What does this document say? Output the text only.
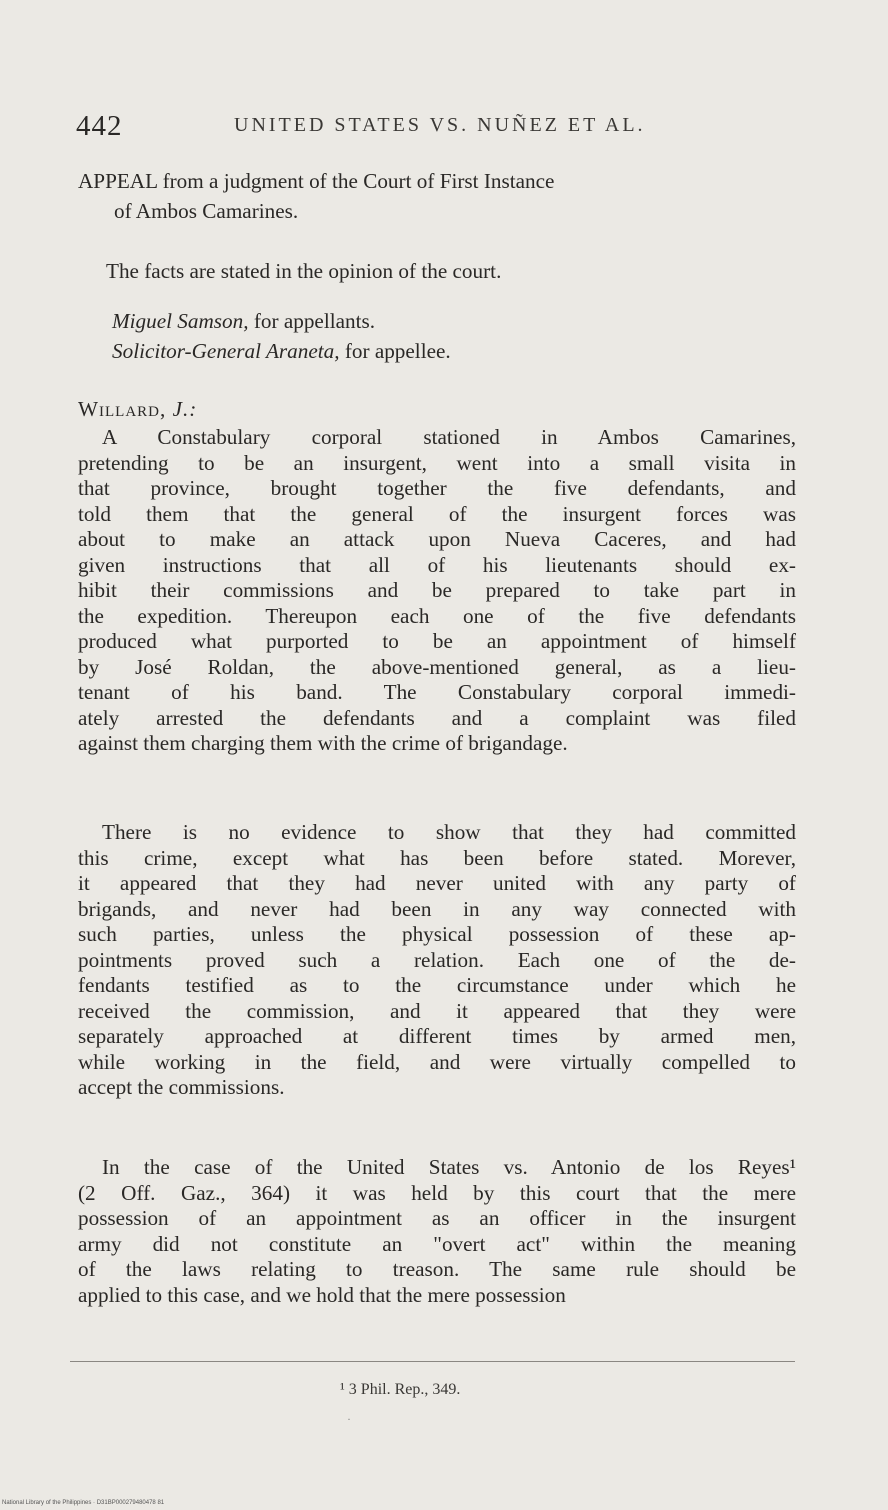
442	UNITED STATES VS. NUÑEZ ET AL.
APPEAL from a judgment of the Court of First Instance
of Ambos Camarines.
The facts are stated in the opinion of the court.
Miguel Samson, for appellants.
Solicitor-General Araneta, for appellee.
Willard, J.:
A Constabulary corporal stationed in Ambos Camarines,
pretending to be an insurgent, went into a small visita in
that province, brought together the five defendants, and
told them that the general of the insurgent forces was
about to make an attack upon Nueva Caceres, and had
given instructions that all of his lieutenants should ex-
hibit their commissions and be prepared to take part in
the expedition. Thereupon each one of the five defendants
produced what purported to be an appointment of himself
by José Roldan, the above-mentioned general, as a lieu-
tenant of his band. The Constabulary corporal immedi-
ately arrested the defendants and a complaint was filed
against them charging them with the crime of brigandage.
There is no evidence to show that they had committed
this crime, except what has been before stated. Morever,
it appeared that they had never united with any party of
brigands, and never had been in any way connected with
such parties, unless the physical possession of these ap-
pointments proved such a relation. Each one of the de-
fendants testified as to the circumstance under which he
received the commission, and it appeared that they were
separately approached at different times by armed men,
while working in the field, and were virtually compelled to
accept the commissions.
In the case of the United States vs. Antonio de los Reyes¹
(2 Off. Gaz., 364) it was held by this court that the mere
possession of an appointment as an officer in the insurgent
army did not constitute an "overt act" within the meaning
of the laws relating to treason. The same rule should be
applied to this case, and we hold that the mere possession
¹ 3 Phil. Rep., 349.
·
National Library of the Philippines · D31BP000279480478 81
